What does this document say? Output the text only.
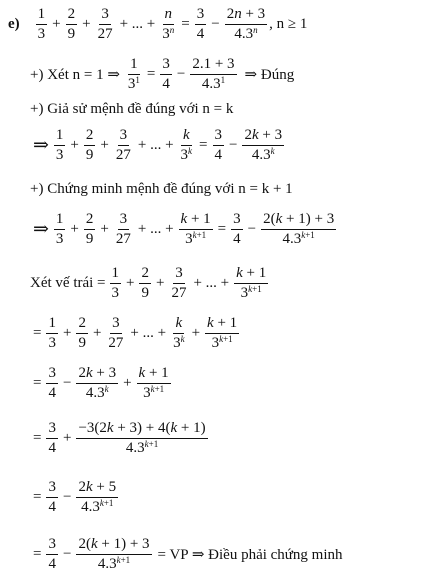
$e) \frac{1}{3} + \frac{2}{9} + \frac{3}{27}$ + ... + $\frac{n}{3^n} = \frac{3}{4} - \frac{2n + 3}{4.3^n}$ , n ≥ 1
+) Xét n = 1 ⇒ $\frac{1}{3^1} = \frac{3}{4} - \frac{2.1 + 3}{4.3^1}$ ⇒ Đúng
+) Giả sử mệnh đề đúng với n = k
⇒ $\frac{1}{3} + \frac{2}{9} + \frac{3}{27}$ + ... + $\frac{k}{3^k} = \frac{3}{4} - \frac{2k + 3}{4.3^k}$
+) Chứng minh mệnh đề đúng với n = k + 1
⇒ $\frac{1}{3} + \frac{2}{9} + \frac{3}{27}$ + ... + $\frac{k + 1}{3^{k+1}} = \frac{3}{4} - \frac{2(k + 1) + 3}{4.3^{k+1}}$
Xét vế trái = $\frac{1}{3} + \frac{2}{9} + \frac{3}{27}$ + ... + $\frac{k + 1}{3^{k+1}}$
= $\frac{1}{3} + \frac{2}{9} + \frac{3}{27}$ + ... + $\frac{k}{3^k} + \frac{k + 1}{3^{k+1}}$
= $\frac{3}{4} - \frac{2k + 3}{4.3^k} + \frac{k + 1}{3^{k+1}}$
= $\frac{3}{4} + \frac{-3(2k + 3) + 4(k + 1)}{4.3^{k+1}}$
= $\frac{3}{4} - \frac{2k + 5}{4.3^{k+1}}$
= $\frac{3}{4} - \frac{2(k + 1) + 3}{4.3^{k+1}}$ = VP ⇒ Điều phải chứng minh
